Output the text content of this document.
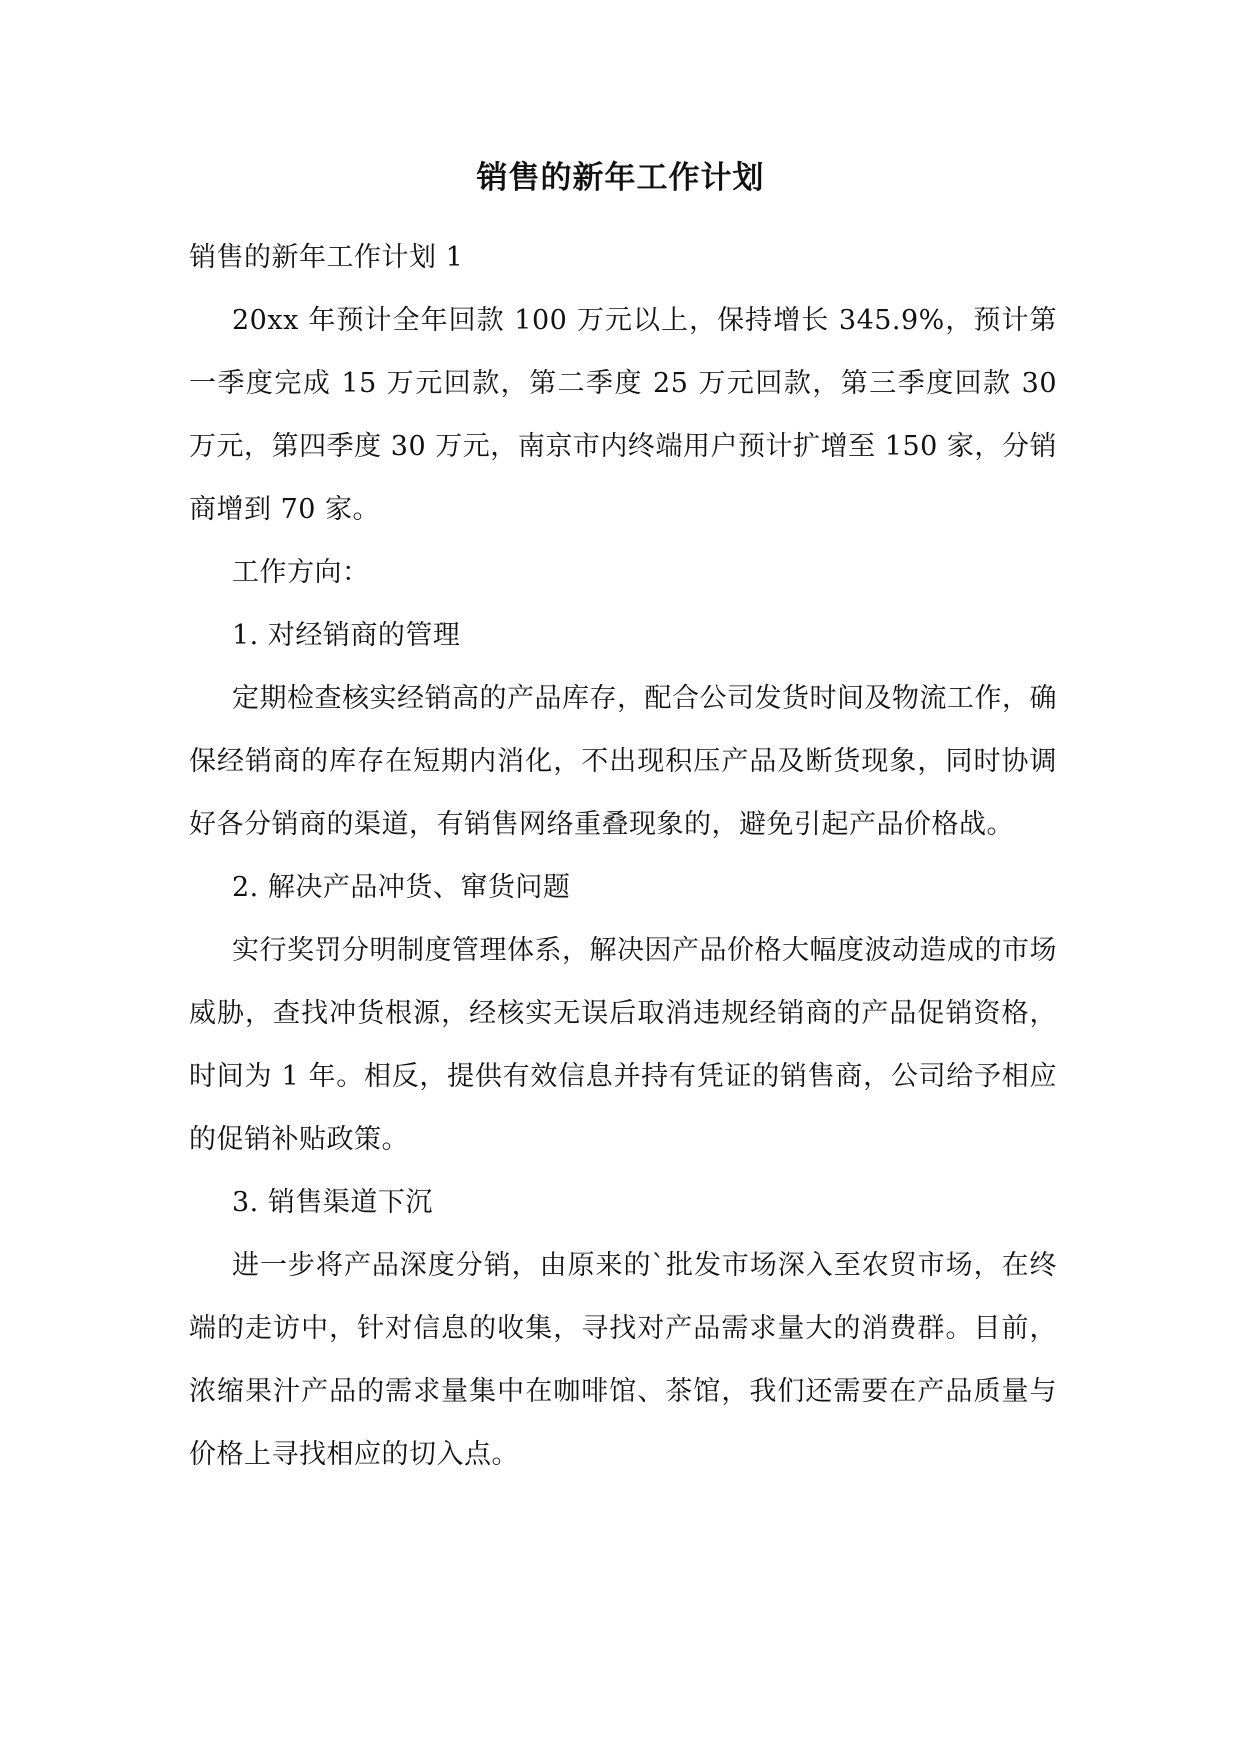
销售的新年工作计划

销售的新年工作计划 1

20xx 年预计全年回款 100 万元以上，保持增长 345.9%，预计第一季度完成 15 万元回款，第二季度 25 万元回款，第三季度回款 30 万元，第四季度 30 万元，南京市内终端用户预计扩增至 150 家，分销商增到 70 家。

工作方向：

1. 对经销商的管理

定期检查核实经销高的产品库存，配合公司发货时间及物流工作，确保经销商的库存在短期内消化，不出现积压产品及断货现象，同时协调好各分销商的渠道，有销售网络重叠现象的，避免引起产品价格战。

2. 解决产品冲货、窜货问题

实行奖罚分明制度管理体系，解决因产品价格大幅度波动造成的市场威胁，查找冲货根源，经核实无误后取消违规经销商的产品促销资格，时间为 1 年。相反，提供有效信息并持有凭证的销售商，公司给予相应的促销补贴政策。

3. 销售渠道下沉

进一步将产品深度分销，由原来的`批发市场深入至农贸市场，在终端的走访中，针对信息的收集，寻找对产品需求量大的消费群。目前，浓缩果汁产品的需求量集中在咖啡馆、茶馆，我们还需要在产品质量与价格上寻找相应的切入点。
